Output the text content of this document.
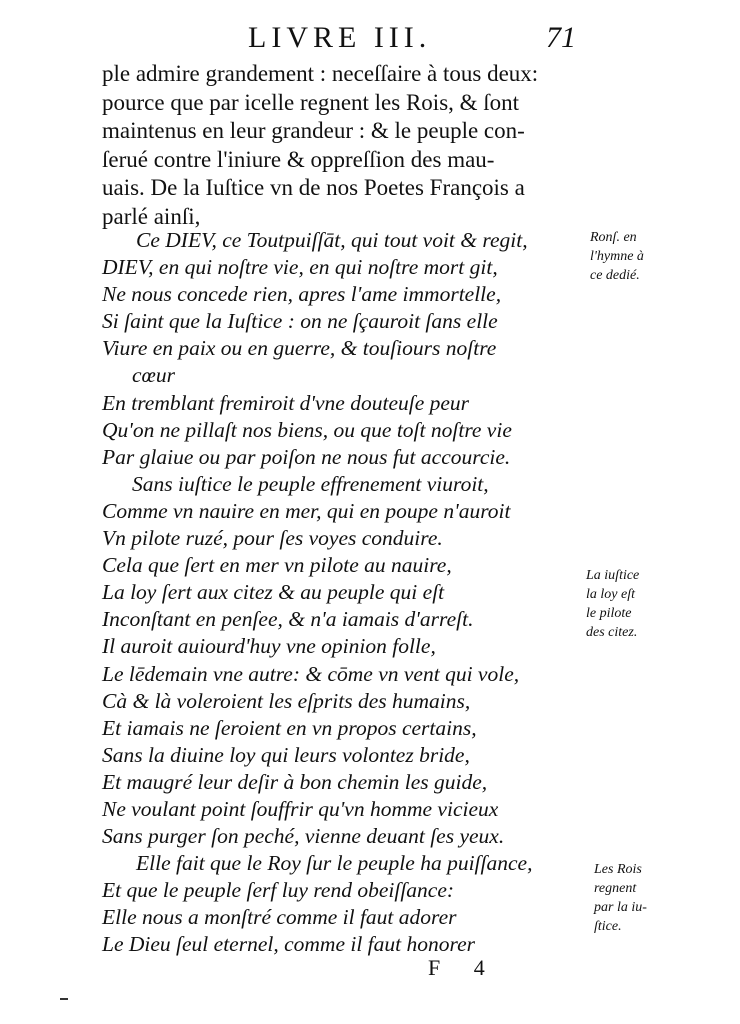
LIVRE III.	71
ple admire grandement : neceſſaire à tous deux:
pource que par icelle regnent les Rois, & ſont
maintenus en leur grandeur : & le peuple con-
ſerué contre l'iniure & oppreſſion des mau-
uais. De la Iuſtice vn de nos Poetes François a
parlé ainſi,
Ce DIEV, ce Toutpuiſſāt, qui tout voit & regit,
DIEV, en qui noſtre vie, en qui noſtre mort git,
Ne nous concede rien, apres l'ame immortelle,
Si ſaint que la Iuſtice : on ne ſçauroit ſans elle
Viure en paix ou en guerre, & touſiours noſtre
cœur
En tremblant fremiroit d'vne douteuſe peur
Qu'on ne pillaſt nos biens, ou que toſt noſtre vie
Par glaiue ou par poiſon ne nous fut accourcie.
Sans iuſtice le peuple effrenement viuroit,
Comme vn nauire en mer, qui en poupe n'auroit
Vn pilote ruzé, pour ſes voyes conduire.
Cela que ſert en mer vn pilote au nauire,
La loy ſert aux citez & au peuple qui eſt
Inconſtant en penſee, & n'a iamais d'arreſt.
Il auroit auiourd'huy vne opinion folle,
Le lēdemain vne autre: & cōme vn vent qui vole,
Cà & là voleroient les eſprits des humains,
Et iamais ne ſeroient en vn propos certains,
Sans la diuine loy qui leurs volontez bride,
Et maugré leur deſir à bon chemin les guide,
Ne voulant point ſouffrir qu'vn homme vicieux
Sans purger ſon peché, vienne deuant ſes yeux.
Elle fait que le Roy ſur le peuple ha puiſſance,
Et que le peuple ſerf luy rend obeiſſance:
Elle nous a monſtré comme il faut adorer
Le Dieu ſeul eternel, comme il faut honorer
Ronſ. en
l'hymne à
ce dedié.
La iuſtice
la loy eſt
le pilote
des citez.
Les Rois
regnent
par la iu-
ſtice.
F 4
